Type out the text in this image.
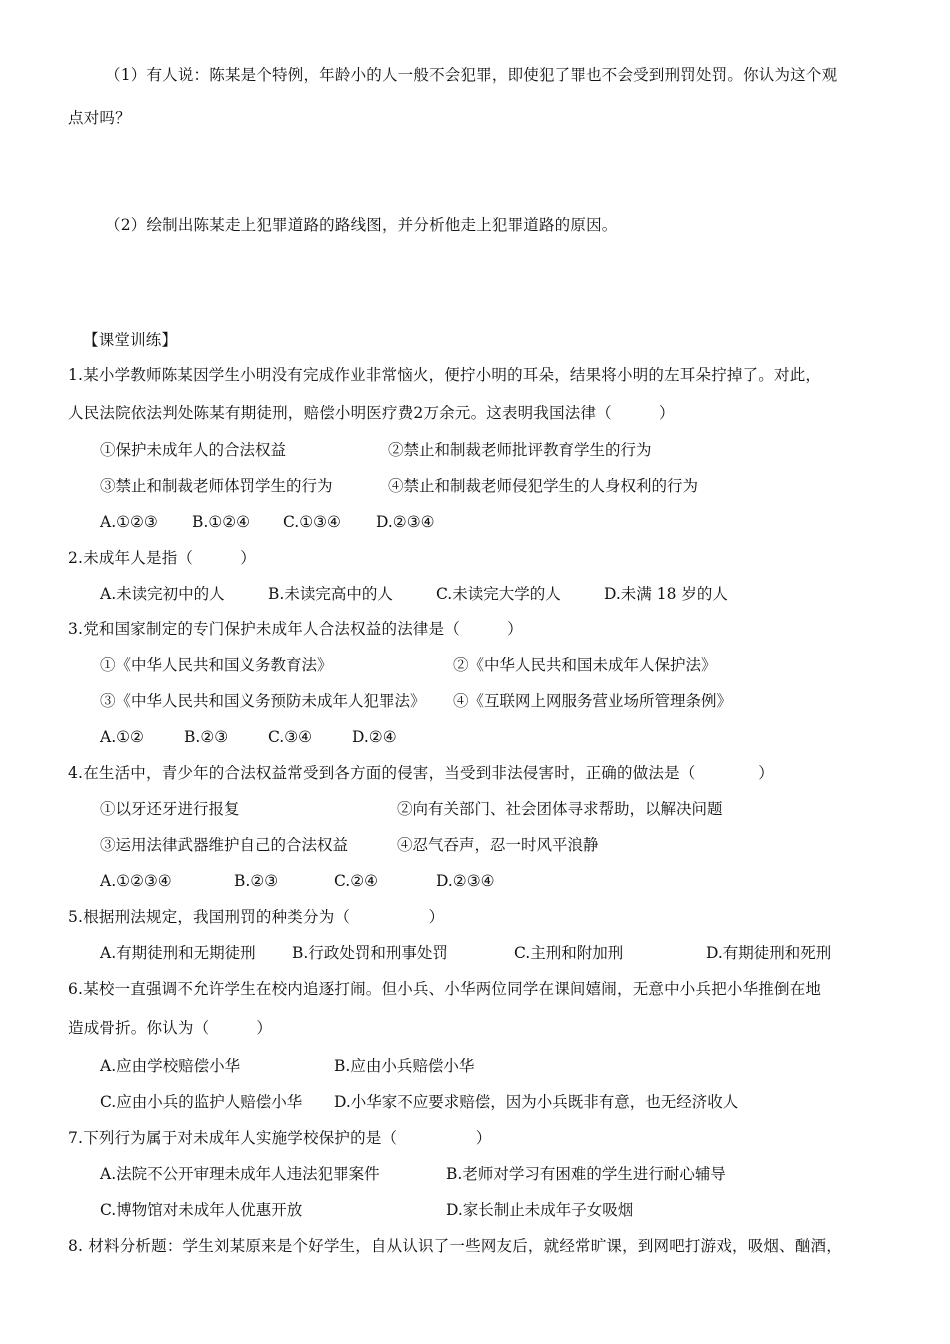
（1）有人说：陈某是个特例，年龄小的人一般不会犯罪，即使犯了罪也不会受到刑罚处罚。你认为这个观
点对吗？
（2）绘制出陈某走上犯罪道路的路线图，并分析他走上犯罪道路的原因。
【课堂训练】
1.某小学教师陈某因学生小明没有完成作业非常恼火，便拧小明的耳朵，结果将小明的左耳朵拧掉了。对此，
人民法院依法判处陈某有期徒刑，赔偿小明医疗费2万余元。这表明我国法律（　　　）
①保护未成年人的合法权益	②禁止和制裁老师批评教育学生的行为
③禁止和制裁老师体罚学生的行为	④禁止和制裁老师侵犯学生的人身权利的行为
A.①②③ B.①②④ C.①③④ D.②③④
2.未成年人是指（　　　）
A.未读完初中的人	B.未读完高中的人	C.未读完大学的人	D.未满 18 岁的人
3.党和国家制定的专门保护未成年人合法权益的法律是（　　　）
①《中华人民共和国义务教育法》	②《中华人民共和国未成年人保护法》
③《中华人民共和国义务预防未成年人犯罪法》 ④《互联网上网服务营业场所管理条例》
A.①②	B.②③	C.③④	D.②④
4.在生活中，青少年的合法权益常受到各方面的侵害，当受到非法侵害时，正确的做法是（　　　　）
①以牙还牙进行报复	②向有关部门、社会团体寻求帮助，以解决问题
③运用法律武器维护自己的合法权益	④忍气吞声，忍一时风平浪静
A.①②③④	B.②③	C.②④	D.②③④
5.根据刑法规定，我国刑罚的种类分为（　　　　　）
A.有期徒刑和无期徒刑 B.行政处罚和刑事处罚	C.主刑和附加刑	D.有期徒刑和死刑
6.某校一直强调不允许学生在校内追逐打闹。但小兵、小华两位同学在课间嬉闹，无意中小兵把小华推倒在地
造成骨折。你认为（　　　）
A.应由学校赔偿小华	B.应由小兵赔偿小华
C.应由小兵的监护人赔偿小华 D.小华家不应要求赔偿，因为小兵既非有意，也无经济收人
7.下列行为属于对未成年人实施学校保护的是（　　　　　）
A.法院不公开审理未成年人违法犯罪案件	B.老师对学习有困难的学生进行耐心辅导
C.博物馆对未成年人优惠开放	D.家长制止未成年子女吸烟
8. 材料分析题：学生刘某原来是个好学生，自从认识了一些网友后，就经常旷课，到网吧打游戏，吸烟、酗酒，
